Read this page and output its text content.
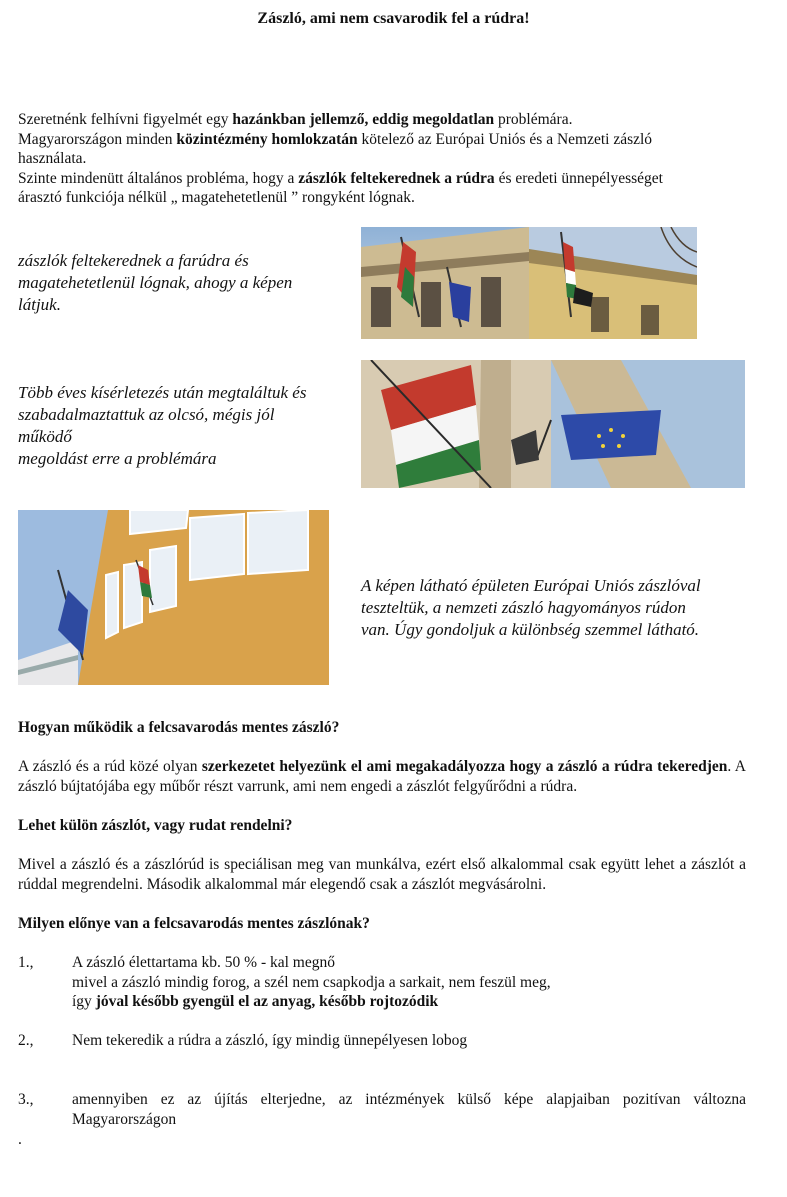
Zászló, ami nem csavarodik fel a rúdra!

Szeretnénk felhívni figyelmét egy hazánkban jellemző, eddig megoldatlan problémára.

Magyarországon minden közintézmény homlokzatán kötelező az Európai Uniós és a Nemzeti zászló

használata.

Szinte mindenütt általános probléma, hogy a zászlók feltekerednek a rúdra és eredeti ünnepélyességet

árasztó funkciója nélkül „ magatehetetlenül ” rongyként lógnak.

zászlók feltekerednek a farúdra és

magatehetetlenül lógnak, ahogy a képen

látjuk.

Több éves kísérletezés után megtaláltuk és

szabadalmaztattuk az olcsó, mégis jól

működő

megoldást erre a problémára

A képen látható épületen Európai Uniós zászlóval

teszteltük, a nemzeti zászló hagyományos rúdon

van. Úgy gondoljuk a különbség szemmel látható.

Hogyan működik a felcsavarodás mentes zászló?

A zászló és a rúd közé olyan szerkezetet helyezünk el ami megakadályozza hogy a zászló a rúdra tekeredjen. A zászló bújtatójába egy műbőr részt varrunk, ami nem engedi a zászlót felgyűrődni a rúdra.

Lehet külön zászlót, vagy rudat rendelni?
Mivel a zászló és a zászlórúd is speciálisan meg van munkálva, ezért első alkalommal csak együtt lehet a zászlót a rúddal megrendelni. Második alkalommal már elegendő csak a zászlót megvásárolni.
Milyen előnye van a felcsavarodás mentes zászlónak?
1., A zászló élettartama kb. 50 % - kal megnő

mivel a zászló mindig forog, a szél nem csapkodja a sarkait, nem feszül meg,

így jóval később gyengül el az anyag, később rojtozódik

2., Nem tekeredik a rúdra a zászló, így mindig ünnepélyesen lobog

3., amennyiben ez az újítás elterjedne, az intézmények külső képe alapjaiban pozitívan változna Magyarországon

.
